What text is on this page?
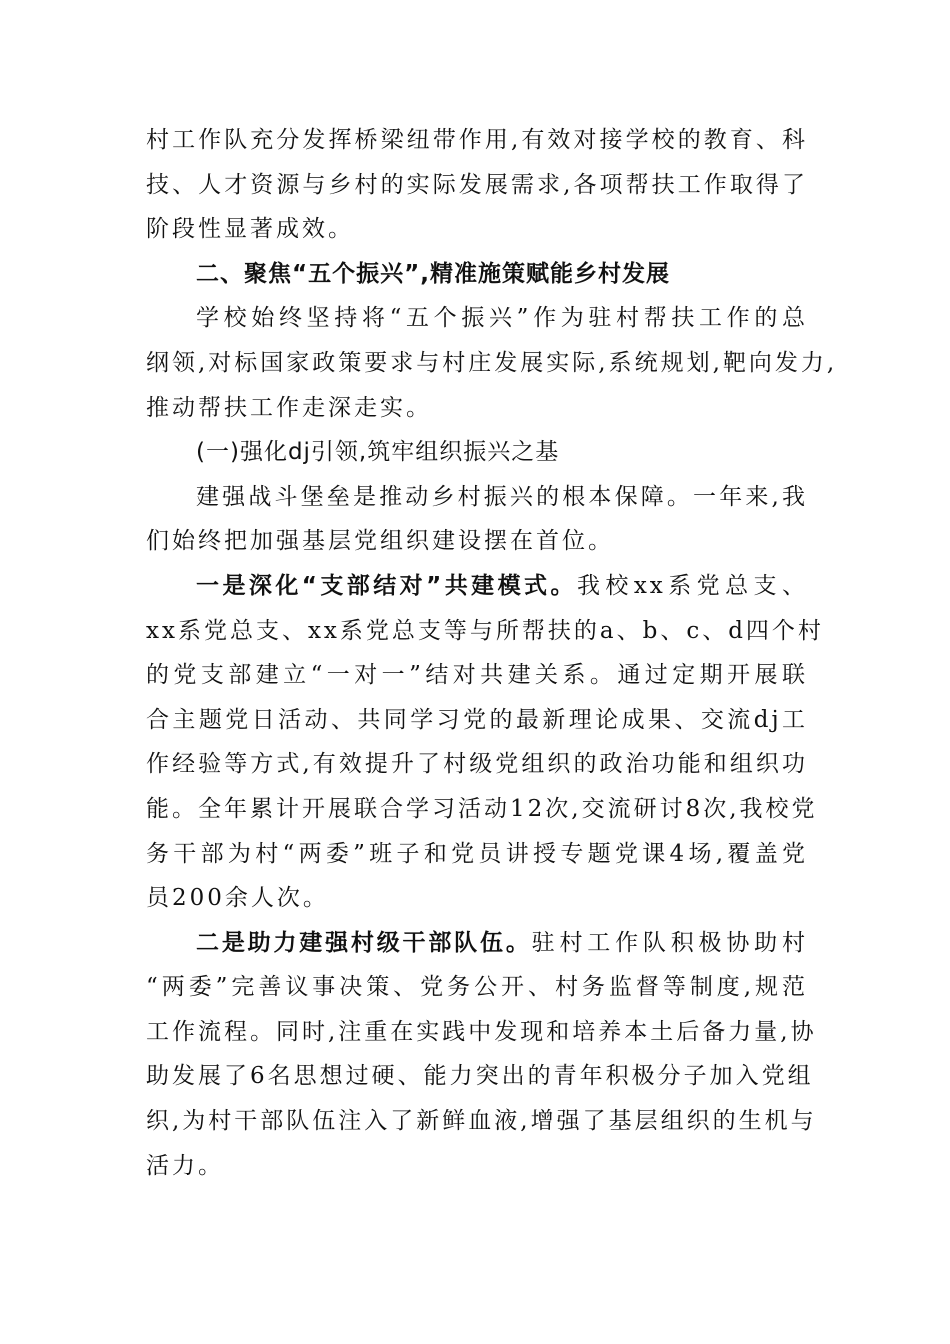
村工作队充分发挥桥梁纽带作用,有效对接学校的教育、科
技、人才资源与乡村的实际发展需求,各项帮扶工作取得了
阶段性显著成效。
二、聚焦“五个振兴”,精准施策赋能乡村发展
学校始终坚持将“五个振兴”作为驻村帮扶工作的总
纲领,对标国家政策要求与村庄发展实际,系统规划,靶向发力,
推动帮扶工作走深走实。
(一)强化dj引领,筑牢组织振兴之基
建强战斗堡垒是推动乡村振兴的根本保障。一年来,我
们始终把加强基层党组织建设摆在首位。
一是深化“支部结对”共建模式。我校xx系党总支、
xx系党总支、xx系党总支等与所帮扶的a、b、c、d四个村
的党支部建立“一对一”结对共建关系。通过定期开展联
合主题党日活动、共同学习党的最新理论成果、交流dj工
作经验等方式,有效提升了村级党组织的政治功能和组织功
能。全年累计开展联合学习活动12次,交流研讨8次,我校党
务干部为村“两委”班子和党员讲授专题党课4场,覆盖党
员200余人次。
二是助力建强村级干部队伍。驻村工作队积极协助村
“两委”完善议事决策、党务公开、村务监督等制度,规范
工作流程。同时,注重在实践中发现和培养本土后备力量,协
助发展了6名思想过硬、能力突出的青年积极分子加入党组
织,为村干部队伍注入了新鲜血液,增强了基层组织的生机与
活力。
